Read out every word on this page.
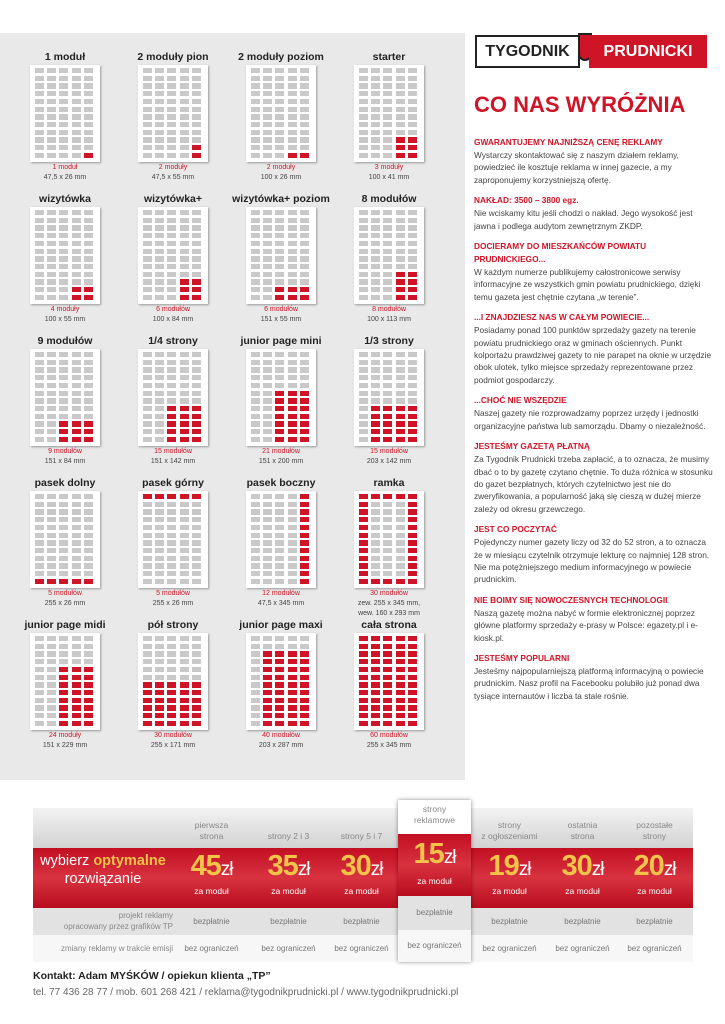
1 moduł
1 moduł
47,5 x 26 mm
2 moduły pion
2 moduły
47,5 x 55 mm
2 moduły poziom
2 moduły
100 x 26 mm
starter
3 moduły
100 x 41 mm
wizytówka
4 moduły
100 x 55 mm
wizytówka+
6 modułów
100 x 84 mm
wizytówka+ poziom
6 modułów
151 x 55 mm
8 modułów
8 modułów
100 x 113 mm
9 modułów
9 modułów
151 x 84 mm
1/4 strony
15 modułów
151 x 142 mm
junior page mini
21 modułów
151 x 200 mm
1/3 strony
15 modułów
203 x 142 mm
pasek dolny
5 modułów
255 x 26 mm
pasek górny
5 modułów
255 x 26 mm
pasek boczny
12 modułów
47,5 x 345 mm
ramka
30 modułów
zew. 255 x 345 mm,
wew. 160 x 293 mm
junior page midi
24 moduły
151 x 229 mm
pół strony
30 modułów
255 x 171 mm
junior page maxi
40 modułów
203 x 287 mm
cała strona
60 modułów
255 x 345 mm
TYGODNIK	PRUDNICKI
CO NAS WYRÓŻNIA
GWARANTUJEMY NAJNIŻSZĄ CENĘ REKLAMY

Wystarczy skontaktować się z naszym działem reklamy, powiedzieć ile kosztuje reklama w innej gazecie, a my zaproponujemy korzystniejszą ofertę.

NAKŁAD: 3500 – 3800 egz.

Nie wciskamy kitu jeśli chodzi o nakład. Jego wysokość jest jawna i podlega audytom zewnętrznym ZKDP.

DOCIERAMY DO MIESZKAŃCÓW POWIATU PRUDNICKIEGO...

W każdym numerze publikujemy całostronicowe serwisy informacyjne ze wszystkich gmin powiatu prudnickiego, dzięki temu gazeta jest chętnie czytana „w terenie”.

...I ZNAJDZIESZ NAS W CAŁYM POWIECIE...

Posiadamy ponad 100 punktów sprzedaży gazety na terenie powiatu prudnickiego oraz w gminach ościennych. Punkt kolportażu prawdziwej gazety to nie parapet na oknie w urzędzie obok ulotek, tylko miejsce sprzedaży reprezentowane przez podmiot gospodarczy.

...CHOĆ NIE WSZĘDZIE

Naszej gazety nie rozprowadzamy poprzez urzędy i jednostki organizacyjne państwa lub samorządu. Dbamy o niezależność.

JESTEŚMY GAZETĄ PŁATNĄ

Za Tygodnik Prudnicki trzeba zapłacić, a to oznacza, że musimy dbać o to by gazetę czytano chętnie. To duża różnica w stosunku do gazet bezpłatnych, których czytelnictwo jest nie do zweryfikowania, a popularność jaką się cieszą w dużej mierze zależy od okresu grzewczego.

JEST CO POCZYTAĆ

Pojedynczy numer gazety liczy od 32 do 52 stron, a to oznacza że w miesiącu czytelnik otrzymuje lekturę co najmniej 128 stron. Nie ma potężniejszego medium informacyjnego w powiecie prudnickim.

NIE BOIMY SIĘ NOWOCZESNYCH TECHNOLOGII

Naszą gazetę można nabyć w formie elektronicznej poprzez główne platformy sprzedaży e-prasy w Polsce: egazety.pl i e-kiosk.pl.

JESTEŚMY POPULARNI

Jesteśmy najpopularniejszą platformą informacyjną o powiecie prudnickim. Nasz profil na Facebooku polubiło już ponad dwa tysiące internautów i liczba ta stale rośnie.

wybierz optymalne
rozwiązanie
projekt reklamy
opracowany przez grafików TP
zmiany reklamy w trakcie emisji
pierwsza
strona
45zł
za moduł
bezpłatnie
bez ograniczeń
strony 2 i 3
35zł
za moduł
bezpłatnie
bez ograniczeń
strony 5 i 7
30zł
za moduł
bezpłatnie
bez ograniczeń
strony
reklamowe
15zł
za moduł
bezpłatnie
bez ograniczeń
strony
z ogłoszeniami
19zł
za moduł
bezpłatnie
bez ograniczeń
ostatnia
strona
30zł
za moduł
bezpłatnie
bez ograniczeń
pozostałe
strony
20zł
za moduł
bezpłatnie
bez ograniczeń
Kontakt: Adam MYŚKÓW / opiekun klienta „TP”
tel. 77 436 28 77 / mob. 601 268 421 / reklama@tygodnikprudnicki.pl / www.tygodnikprudnicki.pl
